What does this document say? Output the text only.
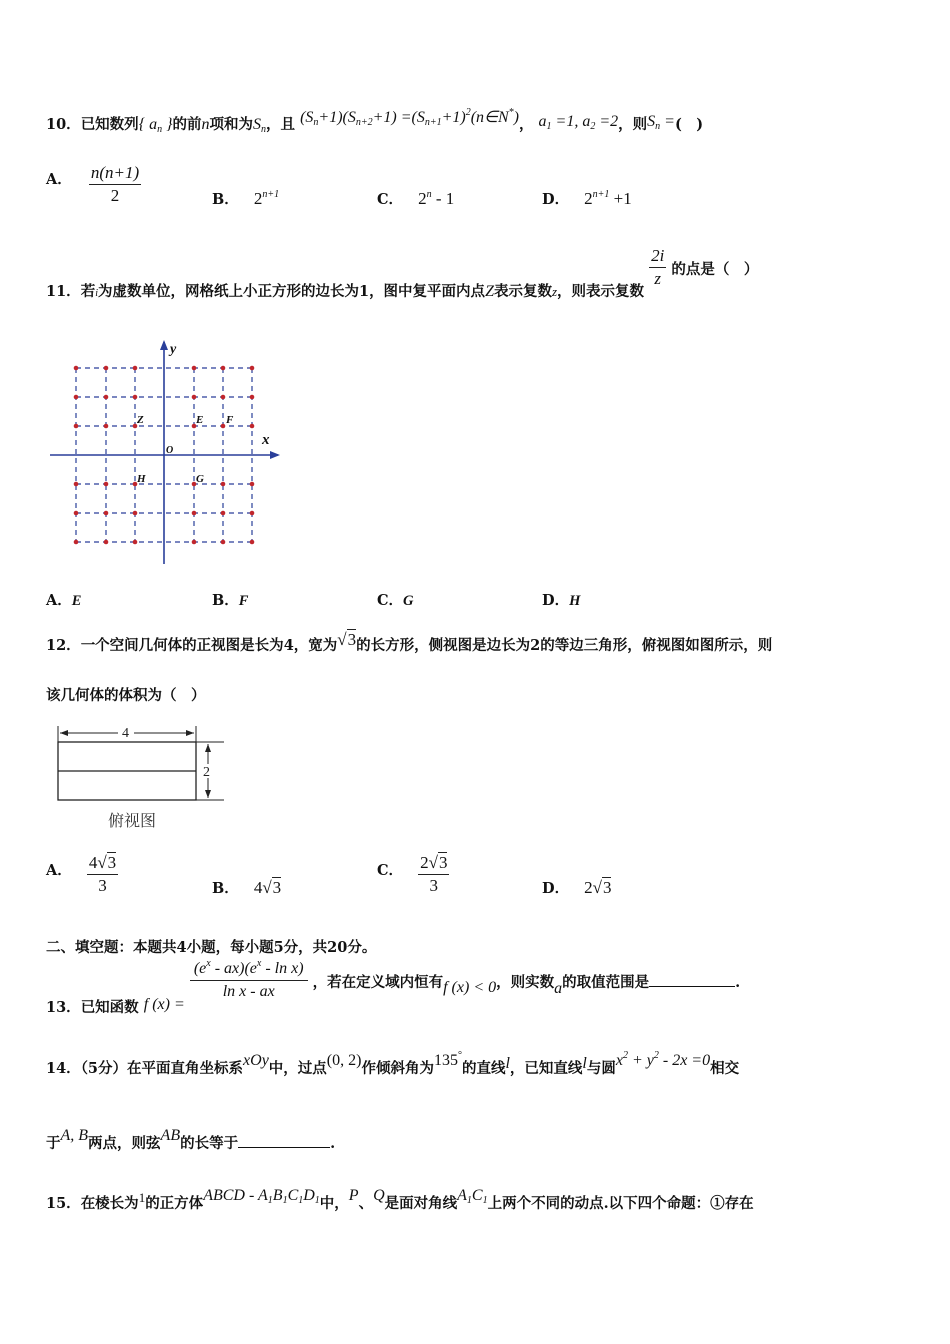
10．已知数列{ $a_n$ }的前n项和为$S_n$，且 $(S_n+1)(S_{n+2}+1)$ $=(S_{n+1}+1)^2(n\in N^*)$， $a_1 =1$, $a_2 =2$，则$S_n$ =(　)
A． $\frac{n(n+1)}{2}$	B． $2^{n+1}$	C． 2$^n$ - 1	D． $2^{n+1} +1$
11．若i为虚数单位，网格纸上小正方形的边长为1，图中复平面内点Z表示复数z，则表示复数
$\frac{2i}{z}$ 的点是（　）
y
x
O
Z	E F
H	G
A．E	B．F	C．G	D．H
12．一个空间几何体的正视图是长为4，宽为√3的长方形，侧视图是边长为2的等边三角形，俯视图如图所示，则
该几何体的体积为（　）
4
2
俯视图
A． $\frac{4√3}{3}$	B． 4√3
C． $\frac{2√3}{3}$	D． 2√3
二、填空题：本题共4小题，每小题5分，共20分。
13．已知函数 f (x) =
$\frac{(e^x - ax)(e^x - \ln x)}{\text{ln x - ax}}$ ，若在定义域内恒有f (x) < 0，则实数a的取值范围是	.
14．（5分）在平面直角坐标系xOy中，过点(0, 2)作倾斜角为135°的直线l，已知直线l与圆$x^2 + y^2 - 2x =0$相交
于A, B两点，则弦AB的长等于	.
15．在棱长为1的正方体ABCD - $A_1B_1C_1D_1$中，P、Q是面对角线$A_1C_1$上两个不同的动点.以下四个命题：①存在
